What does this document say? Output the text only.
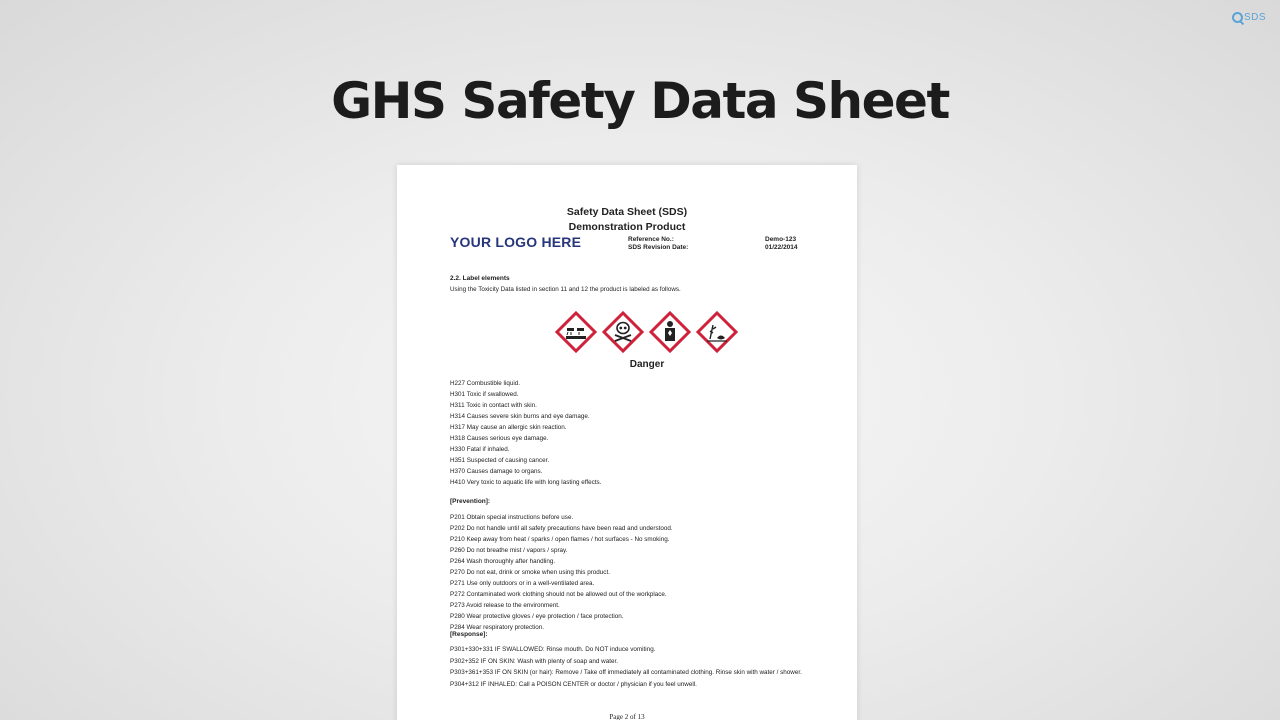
SDS
GHS Safety Data Sheet
Safety Data Sheet (SDS)
Demonstration Product
YOUR LOGO HERE	Reference No.:
SDS Revision Date:
Demo-123
01/22/2014
2.2. Label elements
Using the Toxicity Data listed in section 11 and 12 the product is labeled as follows.
Danger
H227 Combustible liquid.
H301 Toxic if swallowed.
H311 Toxic in contact with skin.
H314 Causes severe skin burns and eye damage.
H317 May cause an allergic skin reaction.
H318 Causes serious eye damage.
H330 Fatal if inhaled.
H351 Suspected of causing cancer.
H370 Causes damage to organs.
H410 Very toxic to aquatic life with long lasting effects.
[Prevention]:
P201 Obtain special instructions before use.
P202 Do not handle until all safety precautions have been read and understood.
P210 Keep away from heat / sparks / open flames / hot surfaces - No smoking.
P260 Do not breathe mist / vapors / spray.
P264 Wash thoroughly after handling.
P270 Do not eat, drink or smoke when using this product.
P271 Use only outdoors or in a well-ventilated area.
P272 Contaminated work clothing should not be allowed out of the workplace.
P273 Avoid release to the environment.
P280 Wear protective gloves / eye protection / face protection.
P284 Wear respiratory protection.
[Response]:
P301+330+331 IF SWALLOWED: Rinse mouth. Do NOT induce vomiting.
P302+352 IF ON SKIN: Wash with plenty of soap and water.
P303+361+353 IF ON SKIN (or hair): Remove / Take off immediately all contaminated clothing. Rinse skin with water / shower.
P304+312 IF INHALED: Call a POISON CENTER or doctor / physician if you feel unwell.
Page 2 of 13
